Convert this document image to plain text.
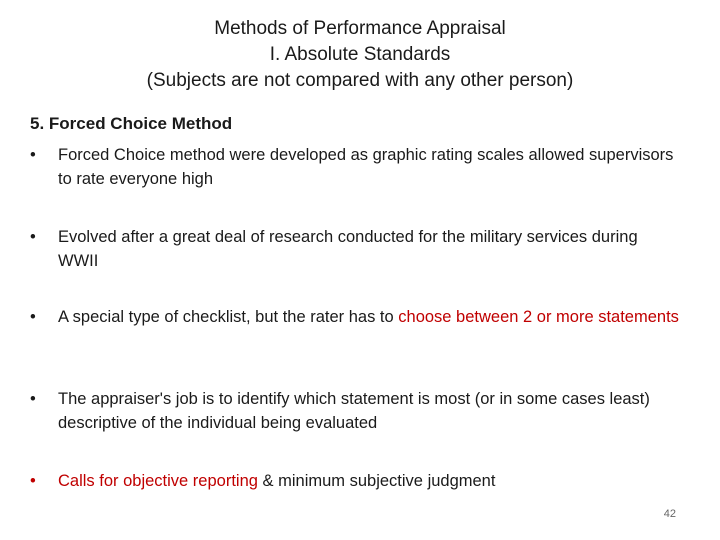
Methods of Performance Appraisal
I. Absolute Standards
(Subjects are not compared with any other person)
5. Forced Choice Method
•	Forced Choice method were developed as graphic rating scales allowed supervisors to rate everyone high
•	Evolved after a great deal of research conducted for the military services during WWII
•	A special type of checklist, but the rater has to choose between 2 or more statements
•	The appraiser's job is to identify which statement is most (or in some cases least) descriptive of the individual being evaluated
•	Calls for objective reporting & minimum subjective judgment
42
